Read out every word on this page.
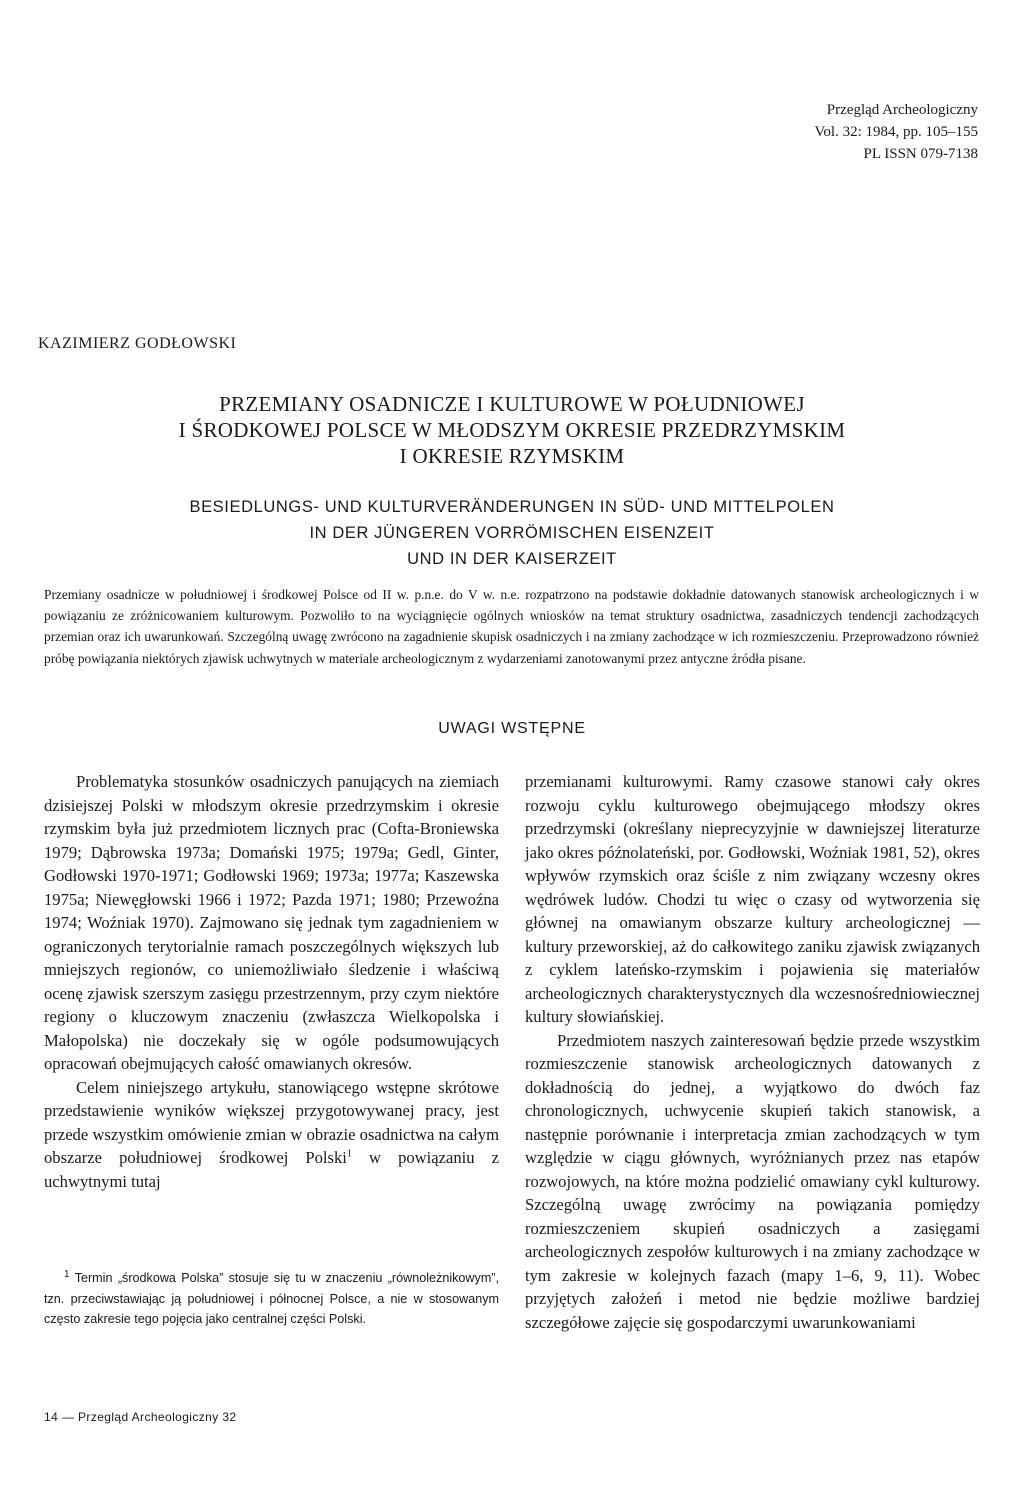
Przegląd Archeologiczny
Vol. 32: 1984, pp. 105–155
PL ISSN 079-7138
KAZIMIERZ GODŁOWSKI
PRZEMIANY OSADNICZE I KULTUROWE W POŁUDNIOWEJ
I ŚRODKOWEJ POLSCE W MŁODSZYM OKRESIE PRZEDRZYMSKIM
I OKRESIE RZYMSKIM
BESIEDLUNGS- UND KULTURVERÄNDERUNGEN IN SÜD- UND MITTELPOLEN
IN DER JÜNGEREN VORRÖMISCHEN EISENZEIT
UND IN DER KAISERZEIT
Przemiany osadnicze w południowej i środkowej Polsce od II w. p.n.e. do V w. n.e. rozpatrzono na podstawie dokładnie datowanych stanowisk archeologicznych i w powiązaniu ze zróżnicowaniem kulturowym. Pozwoliło to na wyciągnięcie ogólnych wniosków na temat struktury osadnictwa, zasadniczych tendencji zachodzących przemian oraz ich uwarunkowań. Szczególną uwagę zwrócono na zagadnienie skupisk osadniczych i na zmiany zachodzące w ich rozmieszczeniu. Przeprowadzono również próbę powiązania niektórych zjawisk uchwytnych w materiale archeologicznym z wydarzeniami zanotowanymi przez antyczne źródła pisane.
UWAGI WSTĘPNE

Problematyka stosunków osadniczych panujących na ziemiach dzisiejszej Polski w młodszym okresie przedrzymskim i okresie rzymskim była już przedmiotem licznych prac (Cofta-Broniewska 1979; Dąbrowska 1973a; Domański 1975; 1979a; Gedl, Ginter, Godłowski 1970-1971; Godłowski 1969; 1973a; 1977a; Kaszewska 1975a; Niewęgłowski 1966 i 1972; Pazda 1971; 1980; Przewoźna 1974; Woźniak 1970). Zajmowano się jednak tym zagadnieniem w ograniczonych terytorialnie ramach poszczególnych większych lub mniejszych regionów, co uniemożliwiało śledzenie i właściwą ocenę zjawisk szerszym zasięgu przestrzennym, przy czym niektóre regiony o kluczowym znaczeniu (zwłaszcza Wielkopolska i Małopolska) nie doczekały się w ogóle podsumowujących opracowań obejmujących całość omawianych okresów.

Celem niniejszego artykułu, stanowiącego wstępne skrótowe przedstawienie wyników większej przygotowywanej pracy, jest przede wszystkim omówienie zmian w obrazie osadnictwa na całym obszarze południowej środkowej Polski$^1$ w powiązaniu z uchwytnymi tutaj

przemianami kulturowymi. Ramy czasowe stanowi cały okres rozwoju cyklu kulturowego obejmującego młodszy okres przedrzymski (określany nieprecyzyjnie w dawniejszej literaturze jako okres późnolateński, por. Godłowski, Woźniak 1981, 52), okres wpływów rzymskich oraz ściśle z nim związany wczesny okres wędrówek ludów. Chodzi tu więc o czasy od wytworzenia się głównej na omawianym obszarze kultury archeologicznej — kultury przeworskiej, aż do całkowitego zaniku zjawisk związanych z cyklem lateńsko-rzymskim i pojawienia się materiałów archeologicznych charakterystycznych dla wczesnośredniowiecznej kultury słowiańskiej.

Przedmiotem naszych zainteresowań będzie przede wszystkim rozmieszczenie stanowisk archeologicznych datowanych z dokładnością do jednej, a wyjątkowo do dwóch faz chronologicznych, uchwycenie skupień takich stanowisk, a następnie porównanie i interpretacja zmian zachodzących w tym względzie w ciągu głównych, wyróżnianych przez nas etapów rozwojowych, na które można podzielić omawiany cykl kulturowy. Szczególną uwagę zwrócimy na powiązania pomiędzy rozmieszczeniem skupień osadniczych a zasięgami archeologicznych zespołów kulturowych i na zmiany zachodzące w tym zakresie w kolejnych fazach (mapy 1–6, 9, 11). Wobec przyjętych założeń i metod nie będzie możliwe bardziej szczegółowe zajęcie się gospodarczymi uwarunkowaniami

$^1$ Termin „środkowa Polska” stosuje się tu w znaczeniu „równoleżnikowym”, tzn. przeciwstawiając ją południowej i północnej Polsce, a nie w stosowanym często zakresie tego pojęcia jako centralnej części Polski.

14 — Przegląd Archeologiczny 32
